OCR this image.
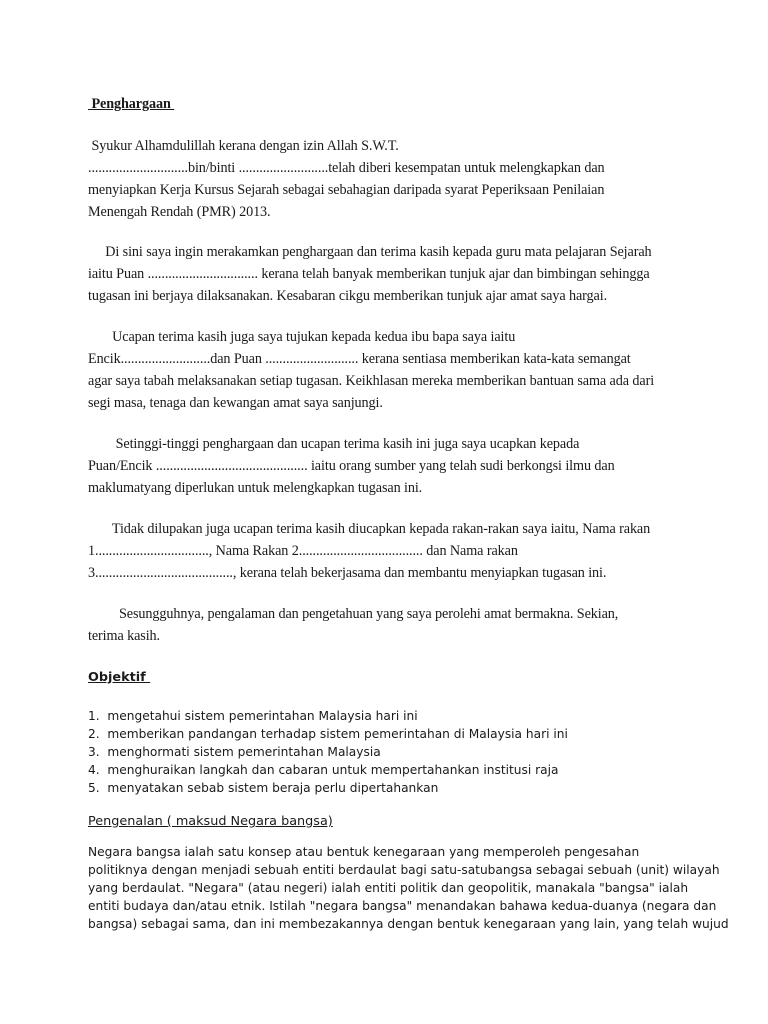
Penghargaan
Syukur Alhamdulillah kerana dengan izin Allah S.W.T.
.............................bin/binti ..........................telah diberi kesempatan untuk melengkapkan dan
menyiapkan Kerja Kursus Sejarah sebagai sebahagian daripada syarat Peperiksaan Penilaian
Menengah Rendah (PMR) 2013.
Di sini saya ingin merakamkan penghargaan dan terima kasih kepada guru mata pelajaran Sejarah
iaitu Puan ................................ kerana telah banyak memberikan tunjuk ajar dan bimbingan sehingga
tugasan ini berjaya dilaksanakan. Kesabaran cikgu memberikan tunjuk ajar amat saya hargai.
Ucapan terima kasih juga saya tujukan kepada kedua ibu bapa saya iaitu
Encik..........................dan Puan ........................... kerana sentiasa memberikan kata-kata semangat
agar saya tabah melaksanakan setiap tugasan. Keikhlasan mereka memberikan bantuan sama ada dari
segi masa, tenaga dan kewangan amat saya sanjungi.
Setinggi-tinggi penghargaan dan ucapan terima kasih ini juga saya ucapkan kepada
Puan/Encik ............................................ iaitu orang sumber yang telah sudi berkongsi ilmu dan
maklumatyang diperlukan untuk melengkapkan tugasan ini.
Tidak dilupakan juga ucapan terima kasih diucapkan kepada rakan-rakan saya iaitu, Nama rakan
1................................., Nama Rakan 2.................................... dan Nama rakan
3........................................, kerana telah bekerjasama dan membantu menyiapkan tugasan ini.
Sesungguhnya, pengalaman dan pengetahuan yang saya perolehi amat bermakna. Sekian,
terima kasih.
Objektif
1.  mengetahui sistem pemerintahan Malaysia hari ini
2.  memberikan pandangan terhadap sistem pemerintahan di Malaysia hari ini
3.  menghormati sistem pemerintahan Malaysia
4.  menghuraikan langkah dan cabaran untuk mempertahankan institusi raja
5.  menyatakan sebab sistem beraja perlu dipertahankan
Pengenalan ( maksud Negara bangsa)
Negara bangsa ialah satu konsep atau bentuk kenegaraan yang memperoleh pengesahan
politiknya dengan menjadi sebuah entiti berdaulat bagi satu-satubangsa sebagai sebuah (unit) wilayah
yang berdaulat. "Negara" (atau negeri) ialah entiti politik dan geopolitik, manakala "bangsa" ialah
entiti budaya dan/atau etnik. Istilah "negara bangsa" menandakan bahawa kedua-duanya (negara dan
bangsa) sebagai sama, dan ini membezakannya dengan bentuk kenegaraan yang lain, yang telah wujud
